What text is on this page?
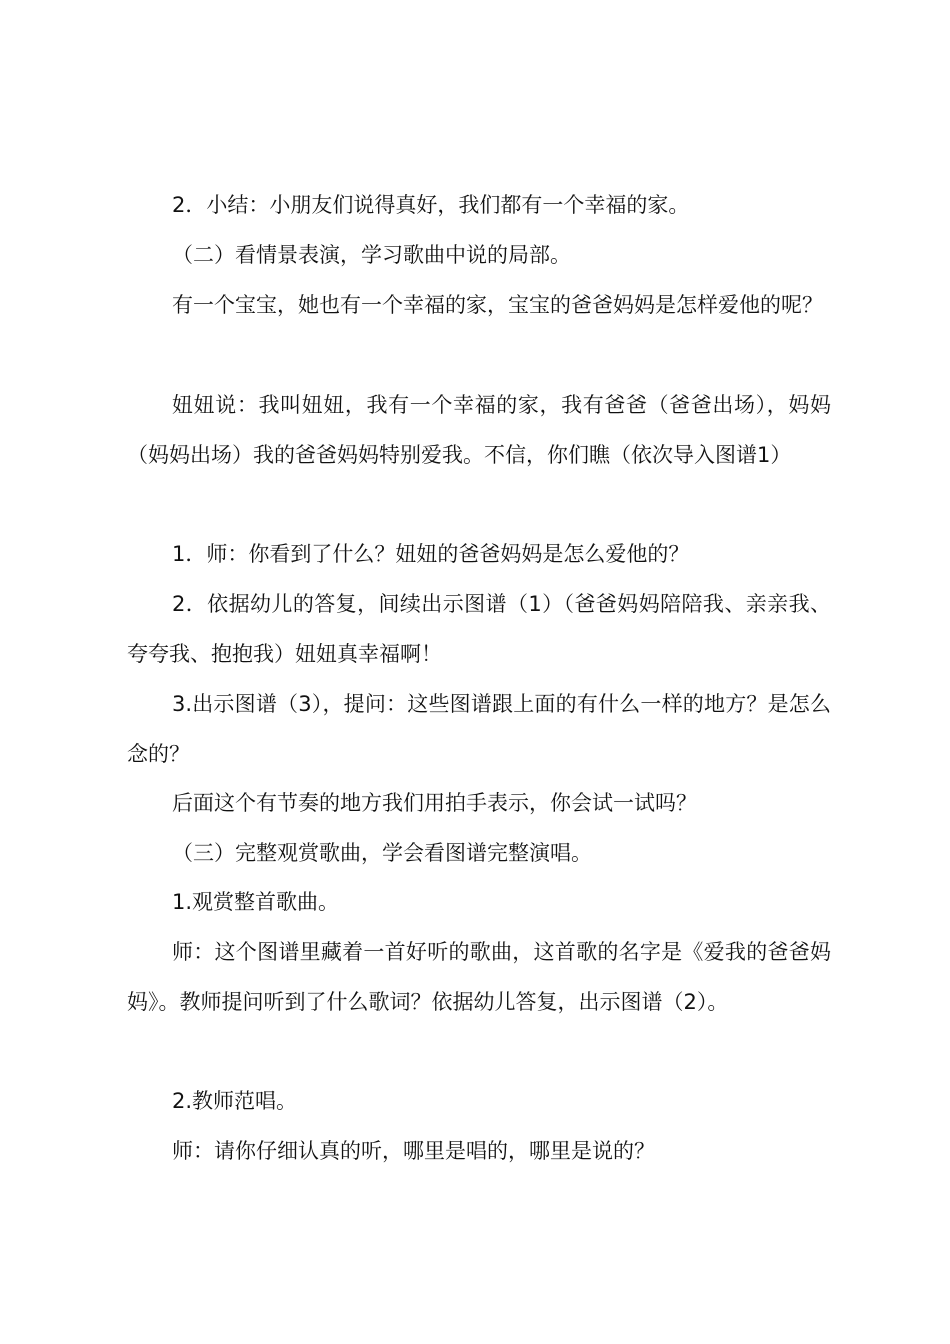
2．小结：小朋友们说得真好，我们都有一个幸福的家。

（二）看情景表演，学习歌曲中说的局部。

有一个宝宝，她也有一个幸福的家，宝宝的爸爸妈妈是怎样爱他的呢？

妞妞说：我叫妞妞，我有一个幸福的家，我有爸爸（爸爸出场），妈妈（妈妈出场）我的爸爸妈妈特别爱我。不信，你们瞧（依次导入图谱1）

1．师：你看到了什么？妞妞的爸爸妈妈是怎么爱他的？

2．依据幼儿的答复，间续出示图谱（1）（爸爸妈妈陪陪我、亲亲我、夸夸我、抱抱我）妞妞真幸福啊！

3.出示图谱（3），提问：这些图谱跟上面的有什么一样的地方？是怎么念的？

后面这个有节奏的地方我们用拍手表示，你会试一试吗？

（三）完整观赏歌曲，学会看图谱完整演唱。

1.观赏整首歌曲。

师：这个图谱里藏着一首好听的歌曲，这首歌的名字是《爱我的爸爸妈妈》。教师提问听到了什么歌词？依据幼儿答复，出示图谱（2）。

2.教师范唱。

师：请你仔细认真的听，哪里是唱的，哪里是说的？
